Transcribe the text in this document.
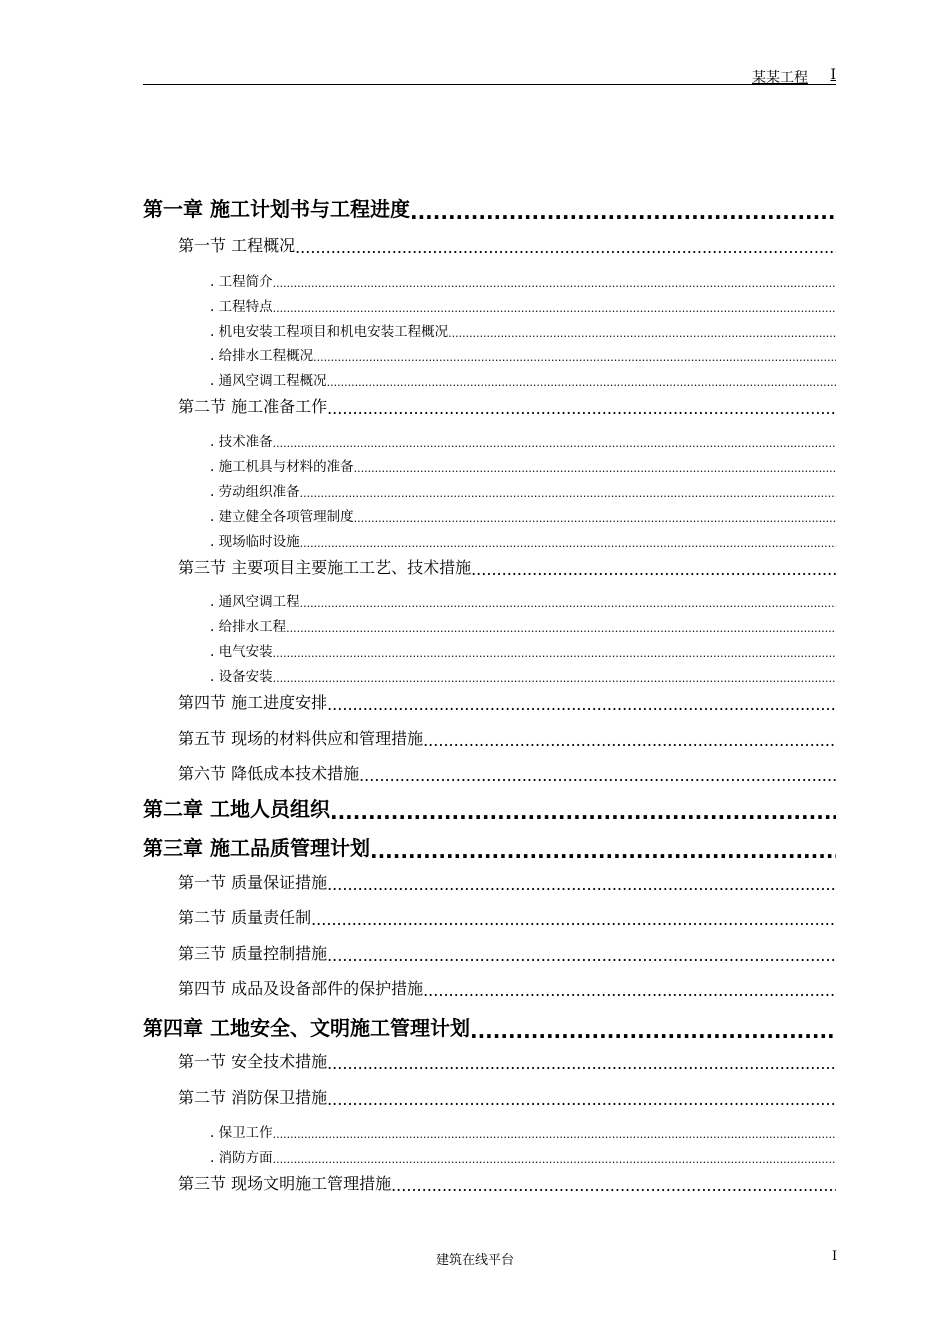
某某工程 I
第一章 施工计划书与工程进度
.....
第一节 工程概况
.....
. 工程简介
.....
. 工程特点
.....
. 机电安装工程项目和机电安装工程概况
.....
. 给排水工程概况
.....
. 通风空调工程概况
.....
第二节 施工准备工作
.....
. 技术准备
.....
. 施工机具与材料的准备
.....
. 劳动组织准备
.....
. 建立健全各项管理制度
.....
. 现场临时设施
.....
第三节 主要项目主要施工工艺、技术措施
.....
. 通风空调工程
.....
. 给排水工程
.....
. 电气安装
.....
. 设备安装
.....
第四节 施工进度安排
.....
第五节 现场的材料供应和管理措施
.....
第六节 降低成本技术措施
.....
第二章 工地人员组织
.....
第三章 施工品质管理计划
.....
第一节 质量保证措施
.....
第二节 质量责任制
.....
第三节 质量控制措施
.....
第四节 成品及设备部件的保护措施
.....
第四章 工地安全、文明施工管理计划
.....
第一节 安全技术措施
.....
第二节 消防保卫措施
.....
. 保卫工作
.....
. 消防方面
.....
第三节 现场文明施工管理措施
.....
建筑在线平台	I
